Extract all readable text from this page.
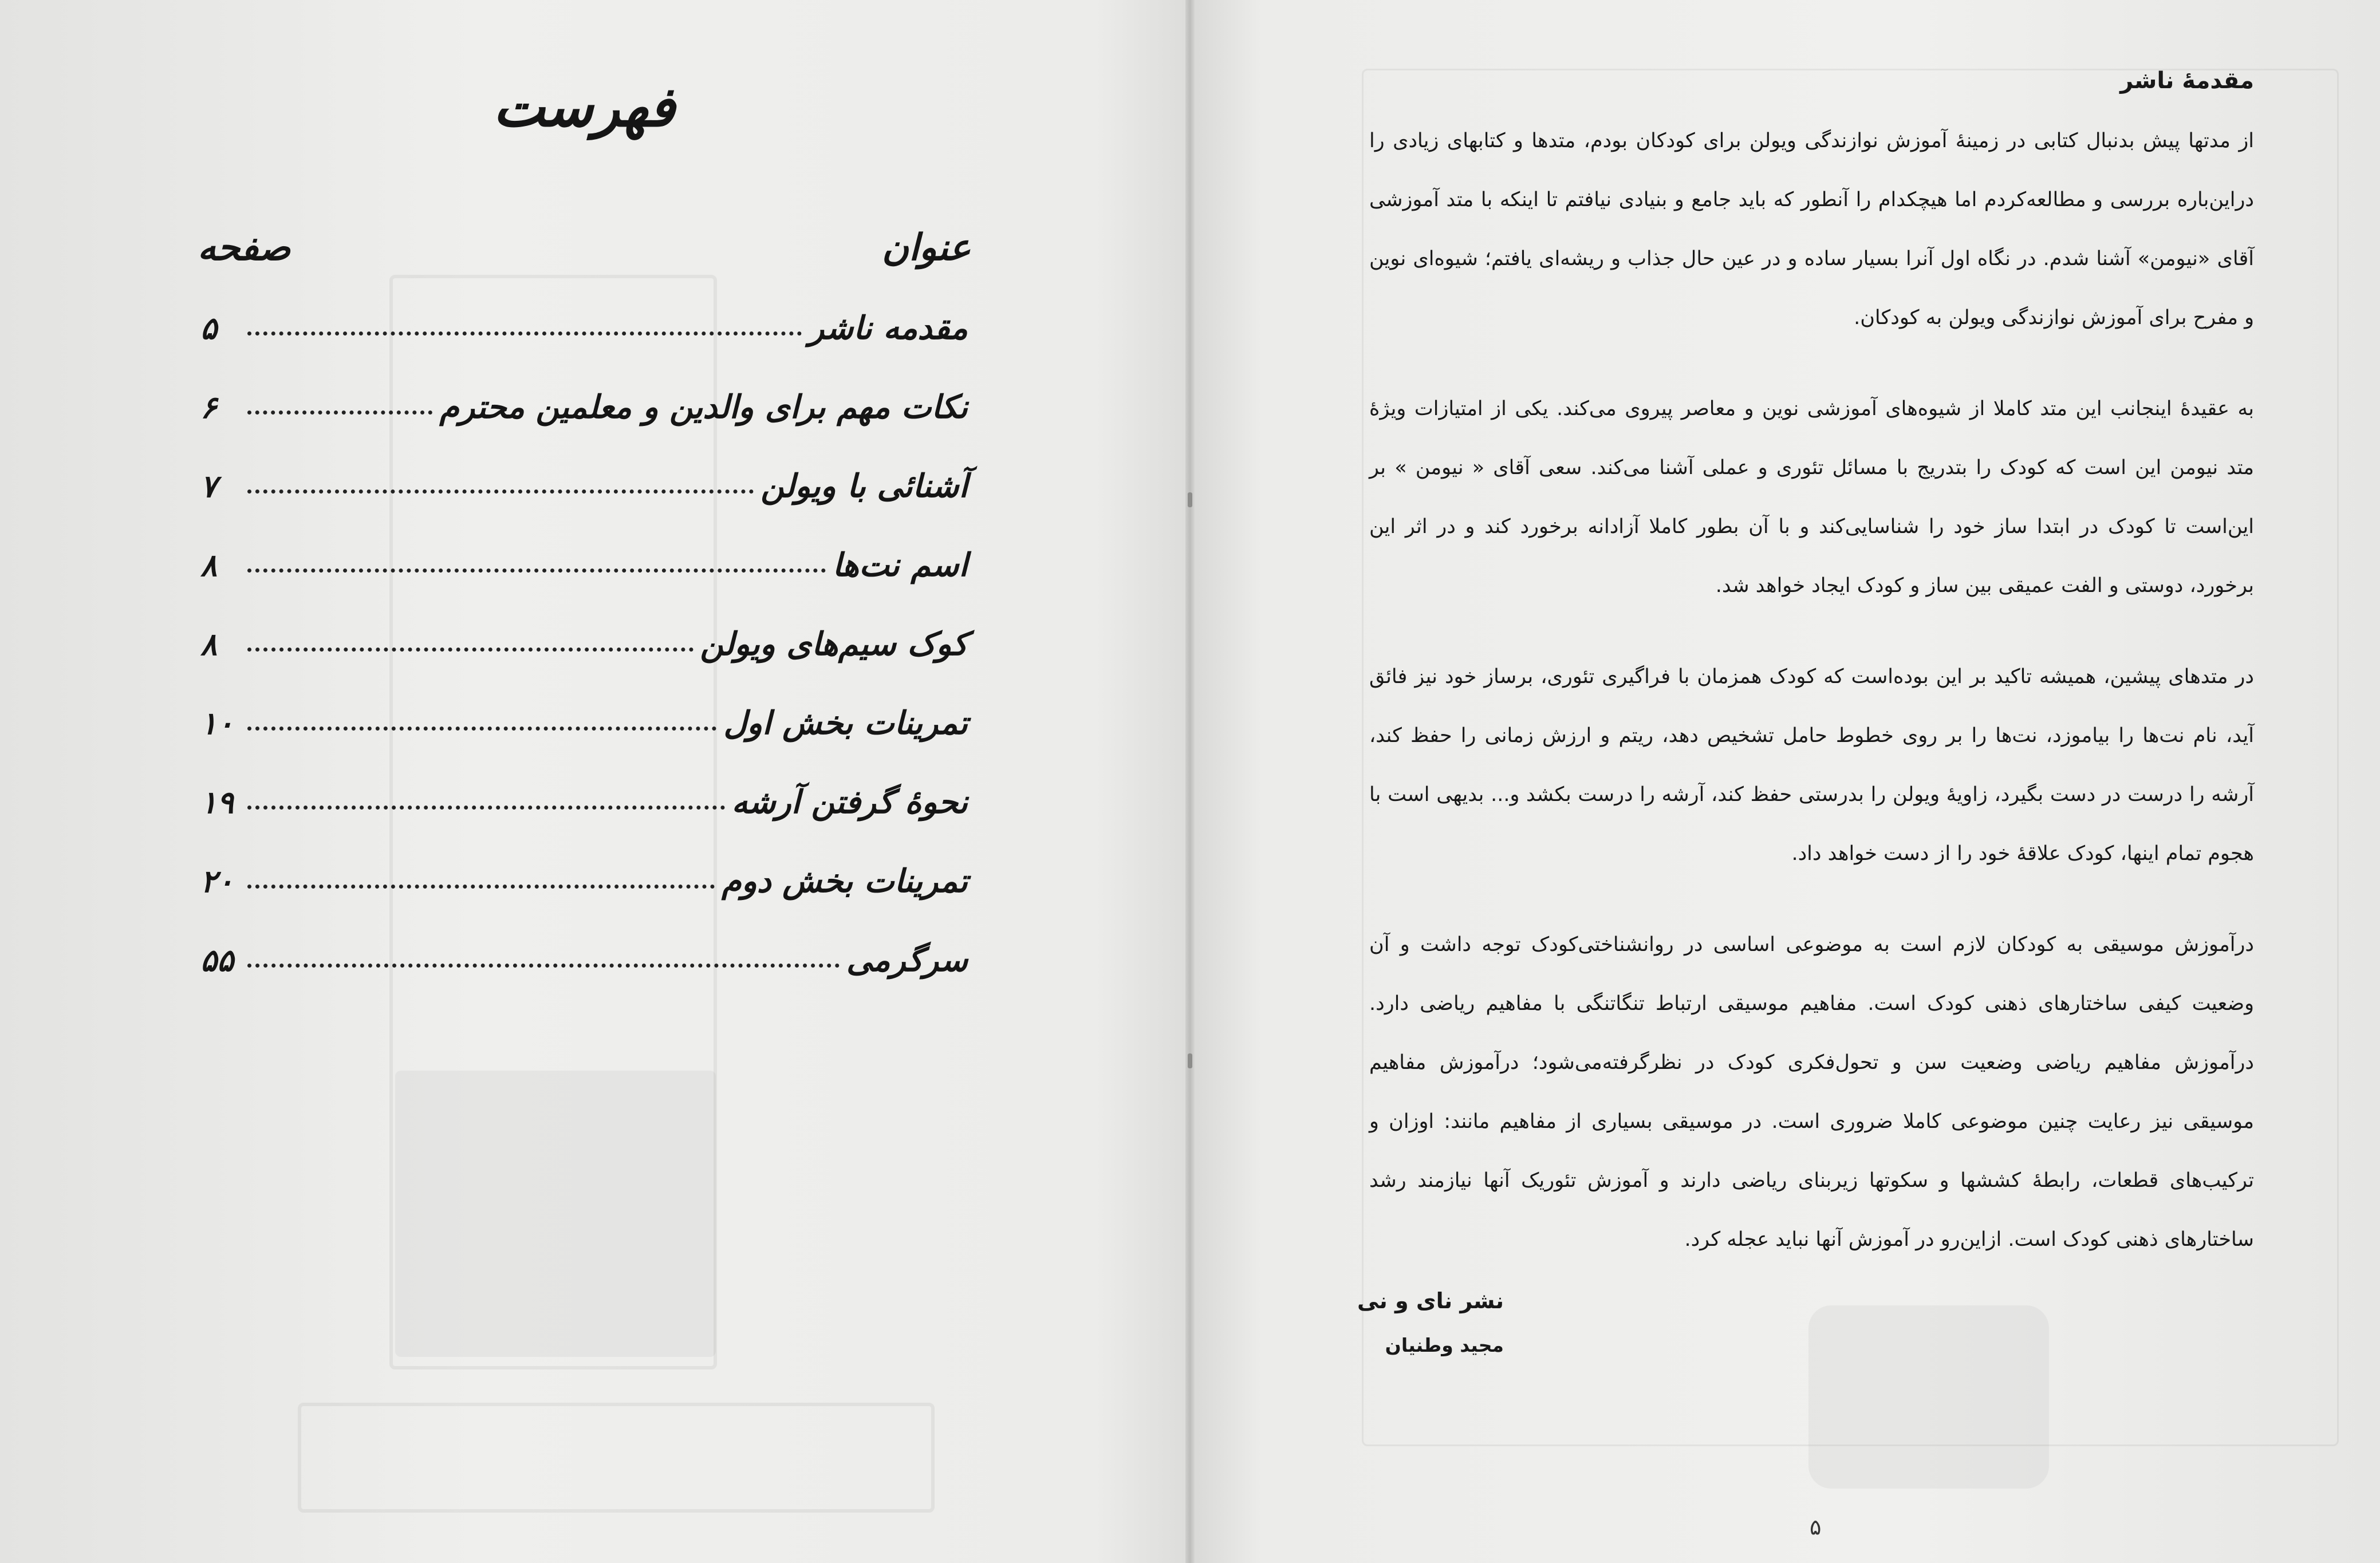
فهرست
عنوان
صفحه
مقدمه ناشر
۵
نکات مهم برای والدین و معلمین محترم
۶
آشنائی با ویولن
۷
اسم نت‌ها
۸
کوک سیم‌های ویولن
۸
تمرینات بخش اول
۱۰
نحوهٔ گرفتن آرشه
۱۹
تمرینات بخش دوم
۲۰
سرگرمی
۵۵
مقدمهٔ ناشر

از مدتها پیش بدنبال کتابی در زمینهٔ آموزش نوازندگی ویولن برای کودکان بودم، متدها و کتابهای زیادی را دراین‌باره بررسی و مطالعه‌کردم اما هیچکدام را آنطور که باید جامع و بنیادی نیافتم تا اینکه با متد آموزشی آقای «نیومن» آشنا شدم. در نگاه اول آنرا بسیار ساده و در عین حال جذاب و ریشه‌ای یافتم؛ شیوه‌ای نوین و مفرح برای آموزش نوازندگی ویولن به کودکان.

به عقیدهٔ اینجانب این متد کاملا از شیوه‌های آموزشی نوین و معاصر پیروی می‌کند. یکی از امتیازات ویژهٔ متد نیومن این است که کودک را بتدریج با مسائل تئوری و عملی آشنا می‌کند. سعی آقای « نیومن » بر این‌است تا کودک در ابتدا ساز خود را شناسایی‌کند و با آن بطور کاملا آزادانه برخورد کند و در اثر این برخورد، دوستی و الفت عمیقی بین ساز و کودک ایجاد خواهد شد.

در متدهای پیشین، همیشه تاکید بر این بوده‌است که کودک همزمان با فراگیری تئوری، برساز خود نیز فائق آید، نام نت‌ها را بیاموزد، نت‌ها را بر روی خطوط حامل تشخیص دهد، ریتم و ارزش زمانی را حفظ کند، آرشه را درست در دست بگیرد، زاویهٔ ویولن را بدرستی حفظ کند، آرشه را درست بکشد و... بدیهی است با هجوم تمام اینها، کودک علاقهٔ خود را از دست خواهد داد.

درآموزش موسیقی به کودکان لازم است به موضوعی اساسی در روانشناختی‌کودک توجه داشت و آن وضعیت کیفی ساختارهای ذهنی کودک است. مفاهیم موسیقی ارتباط تنگاتنگی با مفاهیم ریاضی دارد. درآموزش مفاهیم ریاضی وضعیت سن و تحول‌فکری کودک در نظرگرفته‌می‌شود؛ درآموزش مفاهیم موسیقی نیز رعایت چنین موضوعی کاملا ضروری است. در موسیقی بسیاری از مفاهیم مانند: اوزان و ترکیب‌های قطعات، رابطهٔ کششها و سکوتها زیربنای ریاضی دارند و آموزش تئوریک آنها نیازمند رشد ساختارهای ذهنی کودک است. ازاین‌رو در آموزش آنها نباید عجله کرد.

نشر نای و نی
مجید وطنیان
۵
